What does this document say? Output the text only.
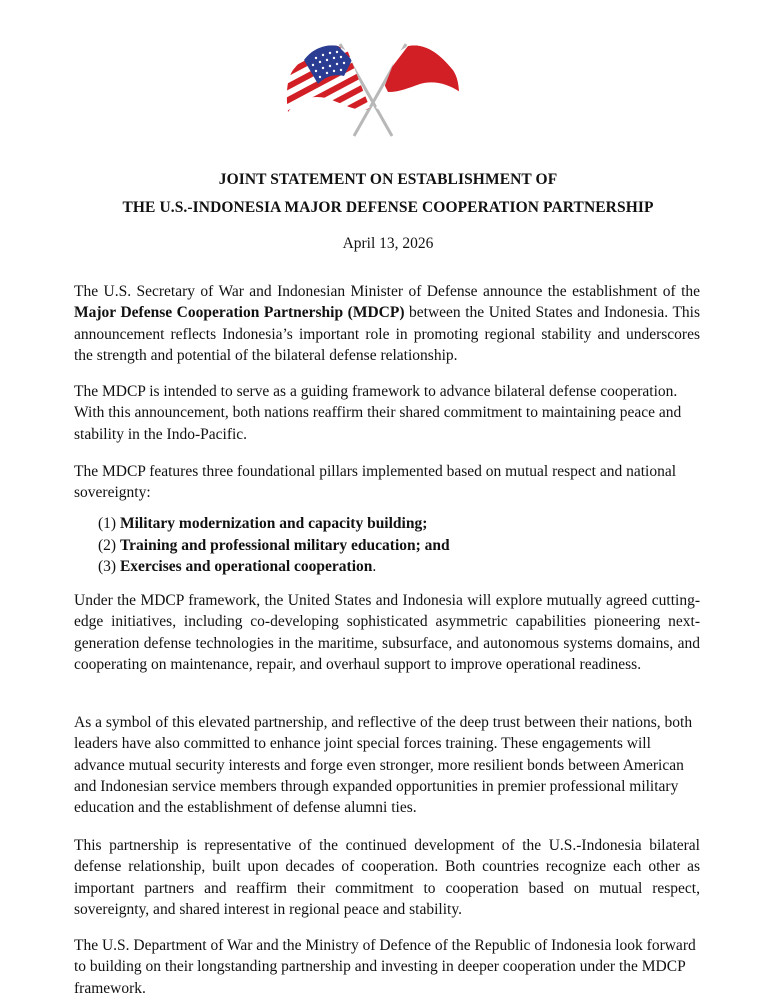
JOINT STATEMENT ON ESTABLISHMENT OF
THE U.S.-INDONESIA MAJOR DEFENSE COOPERATION PARTNERSHIP
April 13, 2026

The U.S. Secretary of War and Indonesian Minister of Defense announce the establishment of the Major Defense Cooperation Partnership (MDCP) between the United States and Indonesia. This announcement reflects Indonesia’s important role in promoting regional stability and underscores the strength and potential of the bilateral defense relationship.

The MDCP is intended to serve as a guiding framework to advance bilateral defense cooperation. With this announcement, both nations reaffirm their shared commitment to maintaining peace and stability in the Indo-Pacific.

The MDCP features three foundational pillars implemented based on mutual respect and national sovereignty:

(1) Military modernization and capacity building;
(2) Training and professional military education; and
(3) Exercises and operational cooperation.

Under the MDCP framework, the United States and Indonesia will explore mutually agreed cutting-edge initiatives, including co-developing sophisticated asymmetric capabilities pioneering next-generation defense technologies in the maritime, subsurface, and autonomous systems domains, and cooperating on maintenance, repair, and overhaul support to improve operational readiness.

As a symbol of this elevated partnership, and reflective of the deep trust between their nations, both leaders have also committed to enhance joint special forces training. These engagements will advance mutual security interests and forge even stronger, more resilient bonds between American and Indonesian service members through expanded opportunities in premier professional military education and the establishment of defense alumni ties.

This partnership is representative of the continued development of the U.S.-Indonesia bilateral defense relationship, built upon decades of cooperation. Both countries recognize each other as important partners and reaffirm their commitment to cooperation based on mutual respect, sovereignty, and shared interest in regional peace and stability.

The U.S. Department of War and the Ministry of Defence of the Republic of Indonesia look forward to building on their longstanding partnership and investing in deeper cooperation under the MDCP framework.
